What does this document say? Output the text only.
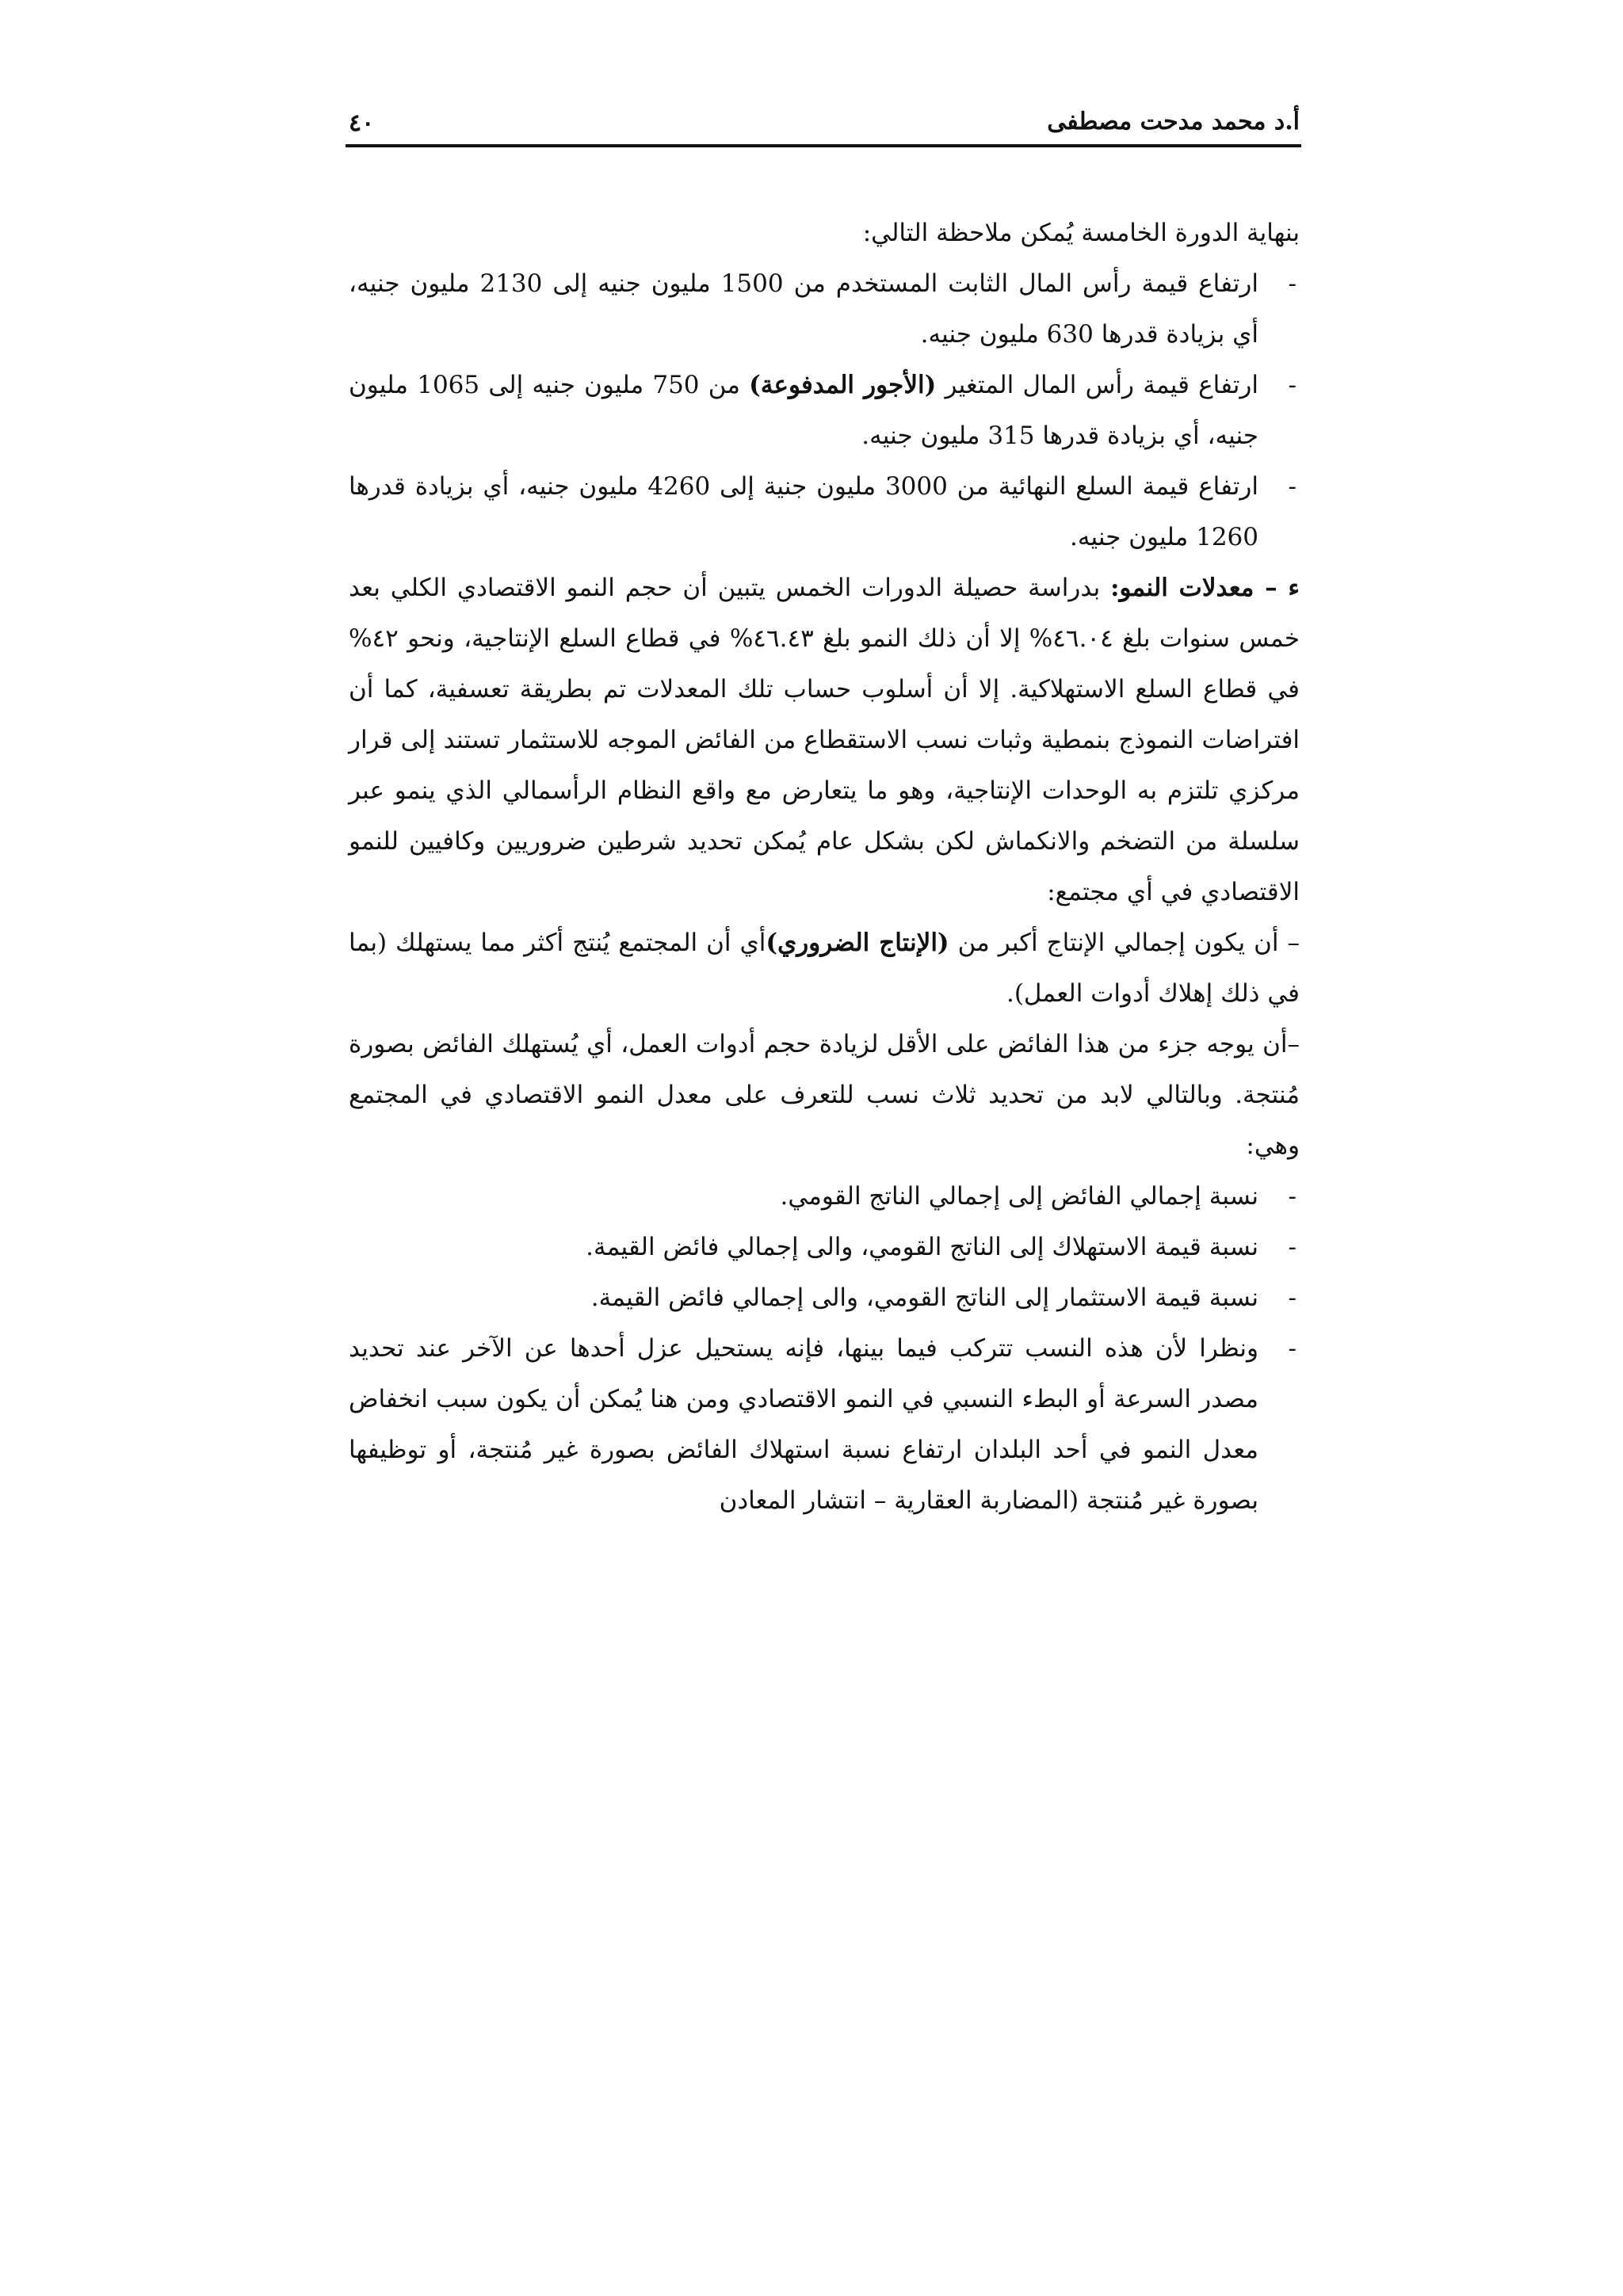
٤٠	أ.د محمد مدحت مصطفى

بنهاية الدورة الخامسة يُمكن ملاحظة التالي:

-
ارتفاع قيمة رأس المال الثابت المستخدم من 1500 مليون جنيه إلى 2130 مليون جنيه، أي بزيادة قدرها 630 مليون جنيه.
-
ارتفاع قيمة رأس المال المتغير (الأجور المدفوعة) من 750 مليون جنيه إلى 1065 مليون جنيه، أي بزيادة قدرها 315 مليون جنيه.
-
ارتفاع قيمة السلع النهائية من 3000 مليون جنية إلى 4260 مليون جنيه، أي بزيادة قدرها 1260 مليون جنيه.

ء – معدلات النمو: بدراسة حصيلة الدورات الخمس يتبين أن حجم النمو الاقتصادي الكلي بعد خمس سنوات بلغ ٤٦.٠٤% إلا أن ذلك النمو بلغ ٤٦.٤٣% في قطاع السلع الإنتاجية، ونحو ٤٢% في قطاع السلع الاستهلاكية. إلا أن أسلوب حساب تلك المعدلات تم بطريقة تعسفية، كما أن افتراضات النموذج بنمطية وثبات نسب الاستقطاع من الفائض الموجه للاستثمار تستند إلى قرار مركزي تلتزم به الوحدات الإنتاجية، وهو ما يتعارض مع واقع النظام الرأسمالي الذي ينمو عبر سلسلة من التضخم والانكماش لكن بشكل عام يُمكن تحديد شرطين ضروريين وكافيين للنمو الاقتصادي في أي مجتمع:

– أن يكون إجمالي الإنتاج أكبر من (الإنتاج الضروري)أي أن المجتمع يُنتج أكثر مما يستهلك (بما في ذلك إهلاك أدوات العمل).

–أن يوجه جزء من هذا الفائض على الأقل لزيادة حجم أدوات العمل، أي يُستهلك الفائض بصورة مُنتجة. وبالتالي لابد من تحديد ثلاث نسب للتعرف على معدل النمو الاقتصادي في المجتمع وهي:

-
نسبة إجمالي الفائض إلى إجمالي الناتج القومي.
-
نسبة قيمة الاستهلاك إلى الناتج القومي، والى إجمالي فائض القيمة.
-
نسبة قيمة الاستثمار إلى الناتج القومي، والى إجمالي فائض القيمة.
-
ونظرا لأن هذه النسب تتركب فيما بينها، فإنه يستحيل عزل أحدها عن الآخر عند تحديد مصدر السرعة أو البطء النسبي في النمو الاقتصادي ومن هنا يُمكن أن يكون سبب انخفاض معدل النمو في أحد البلدان ارتفاع نسبة استهلاك الفائض بصورة غير مُنتجة، أو توظيفها بصورة غير مُنتجة (المضاربة العقارية – انتشار المعادن
